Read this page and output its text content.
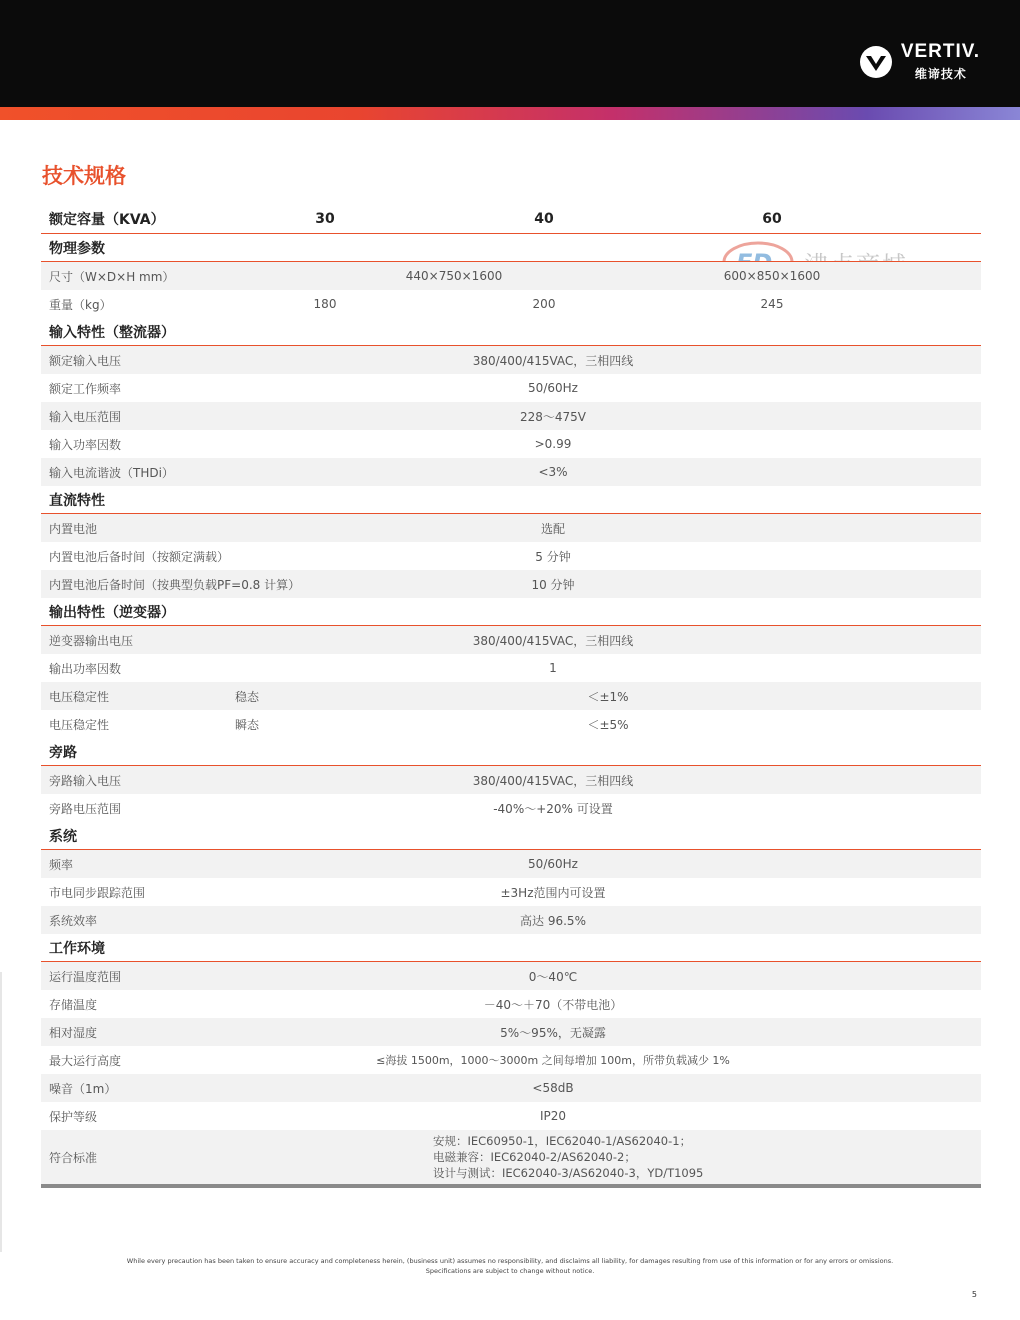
VERTIV.
维谛技术
技术规格
额定容量（KVA）	30	40	60
物理参数
尺寸（W×D×H mm）	440×750×1600	600×850×1600
重量（kg）	180	200	245
输入特性（整流器）
额定输入电压	380/400/415VAC，三相四线
额定工作频率	50/60Hz
输入电压范围	228～475V
输入功率因数	>0.99
输入电流谐波（THDi）	<3%
直流特性
内置电池	选配
内置电池后备时间（按额定满载）	5 分钟
内置电池后备时间（按典型负载PF=0.8 计算）	10 分钟
输出特性（逆变器）
逆变器输出电压	380/400/415VAC，三相四线
输出功率因数	1
电压稳定性	稳态	＜±1%
电压稳定性	瞬态	＜±5%
旁路
旁路输入电压	380/400/415VAC，三相四线
旁路电压范围	-40%～+20% 可设置
系统
频率	50/60Hz
市电同步跟踪范围	±3Hz范围内可设置
系统效率	高达 96.5%
工作环境
运行温度范围	0～40℃
存储温度	－40～＋70（不带电池）
相对湿度	5%～95%，无凝露
最大运行高度	≤海拔 1500m，1000～3000m 之间每增加 100m，所带负载减少 1%
噪音（1m）	<58dB
保护等级	IP20
符合标准
安规：IEC60950-1，IEC62040-1/AS62040-1；
电磁兼容：IEC62040-2/AS62040-2；
设计与测试：IEC62040-3/AS62040-3，YD/T1095
While every precaution has been taken to ensure accuracy and completeness herein, (business unit) assumes no responsibility, and disclaims all liability, for damages resulting from use of this information or for any errors or omissions.
Specifications are subject to change without notice.
5
